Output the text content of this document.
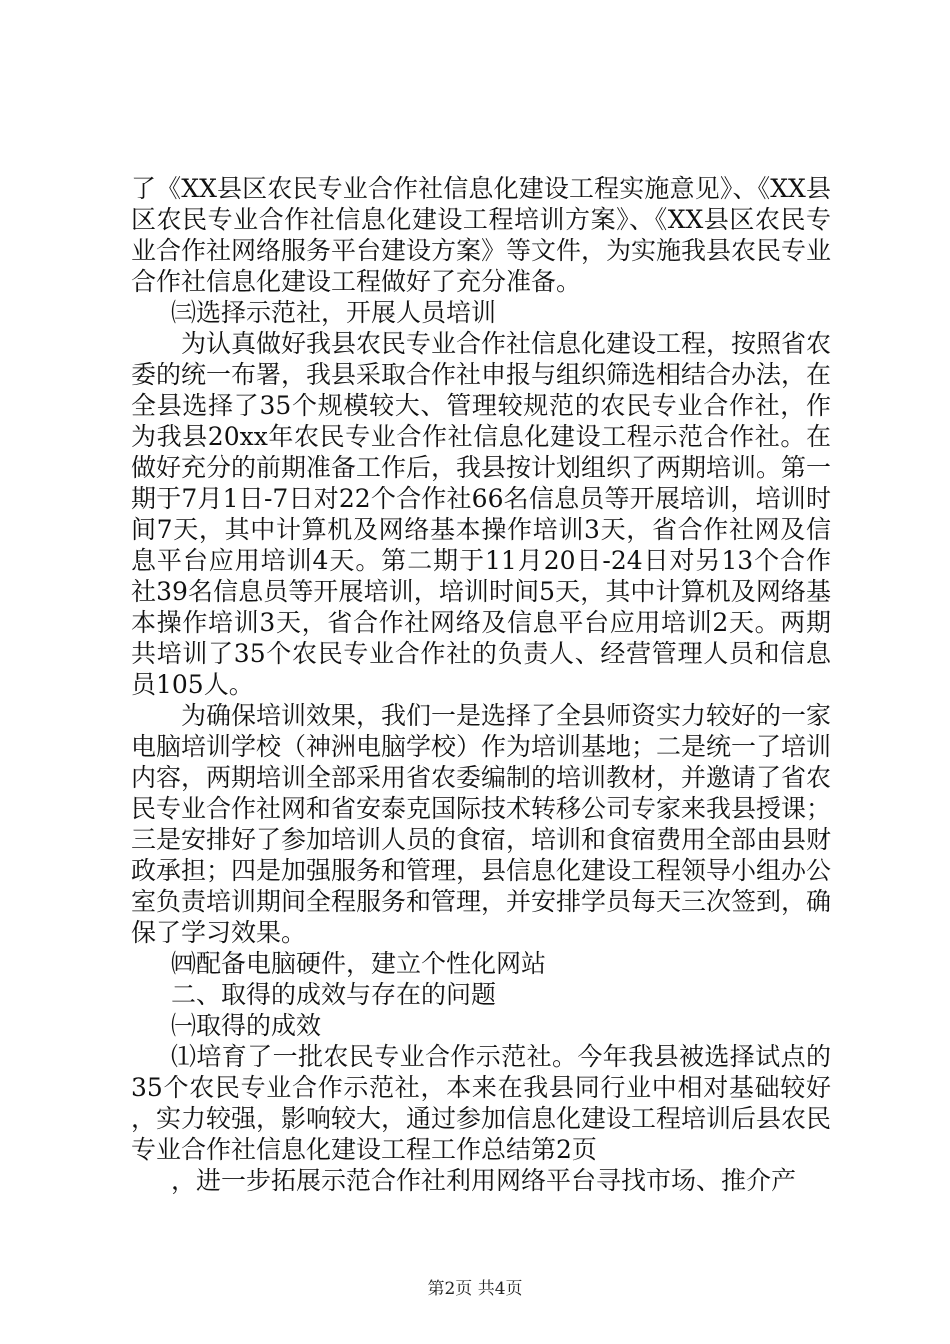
了《XX县区农民专业合作社信息化建设工程实施意见》、《XX县区农民专业合作社信息化建设工程培训方案》、《XX县区农民专业合作社网络服务平台建设方案》等文件，为实施我县农民专业合作社信息化建设工程做好了充分准备。

㈢选择示范社，开展人员培训

为认真做好我县农民专业合作社信息化建设工程，按照省农委的统一布署，我县采取合作社申报与组织筛选相结合办法，在全县选择了35个规模较大、管理较规范的农民专业合作社，作为我县20xx年农民专业合作社信息化建设工程示范合作社。在做好充分的前期准备工作后，我县按计划组织了两期培训。第一期于7月1日-7日对22个合作社66名信息员等开展培训，培训时间7天，其中计算机及网络基本操作培训3天，省合作社网及信息平台应用培训4天。第二期于11月20日-24日对另13个合作社39名信息员等开展培训，培训时间5天，其中计算机及网络基本操作培训3天，省合作社网络及信息平台应用培训2天。两期共培训了35个农民专业合作社的负责人、经营管理人员和信息员105人。

为确保培训效果，我们一是选择了全县师资实力较好的一家电脑培训学校（神洲电脑学校）作为培训基地；二是统一了培训内容，两期培训全部采用省农委编制的培训教材，并邀请了省农民专业合作社网和省安泰克国际技术转移公司专家来我县授课；三是安排好了参加培训人员的食宿，培训和食宿费用全部由县财政承担；四是加强服务和管理，县信息化建设工程领导小组办公室负责培训期间全程服务和管理，并安排学员每天三次签到，确保了学习效果。

㈣配备电脑硬件，建立个性化网站

二、取得的成效与存在的问题

㈠取得的成效

⑴培育了一批农民专业合作示范社。今年我县被选择试点的35个农民专业合作示范社，本来在我县同行业中相对基础较好，实力较强，影响较大，通过参加信息化建设工程培训后县农民专业合作社信息化建设工程工作总结第2页

，进一步拓展示范合作社利用网络平台寻找市场、推介产

第2页 共4页
